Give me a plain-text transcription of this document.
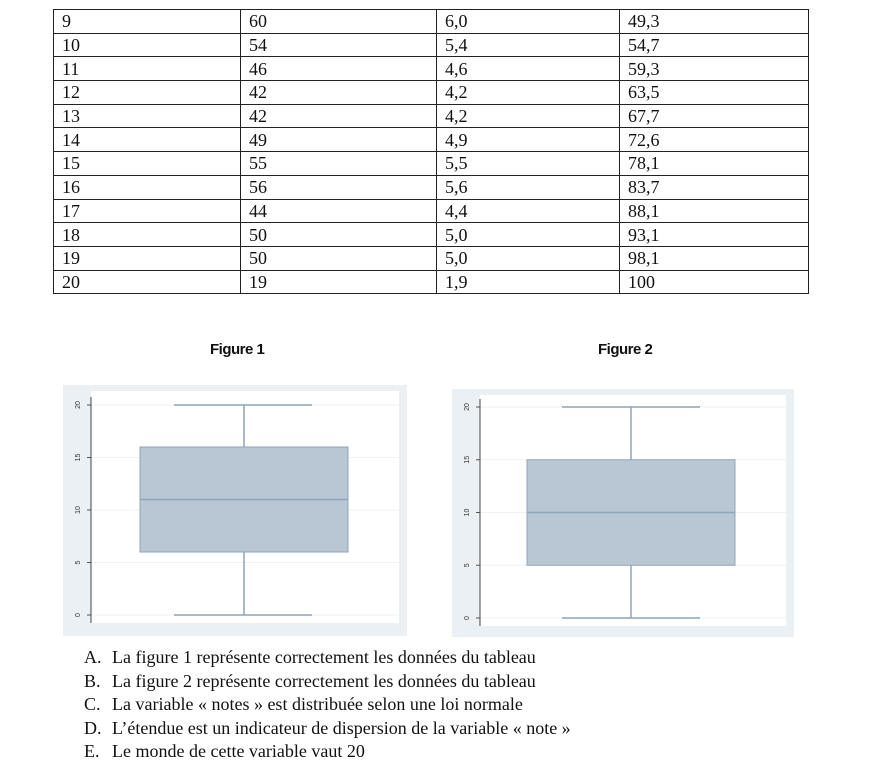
9	60	6,0	49,3
10	54	5,4	54,7
11	46	4,6	59,3
12	42	4,2	63,5
13	42	4,2	67,7
14	49	4,9	72,6
15	55	5,5	78,1
16	56	5,6	83,7
17	44	4,4	88,1
18	50	5,0	93,1
19	50	5,0	98,1
20	19	1,9	100
Figure 1	Figure 2
0
5
10
15
20
0
5
10
15
20
A. La figure 1 représente correctement les données du tableau
B. La figure 2 représente correctement les données du tableau
C. La variable « notes » est distribuée selon une loi normale
D. L’étendue est un indicateur de dispersion de la variable « note »
E. Le monde de cette variable vaut 20
